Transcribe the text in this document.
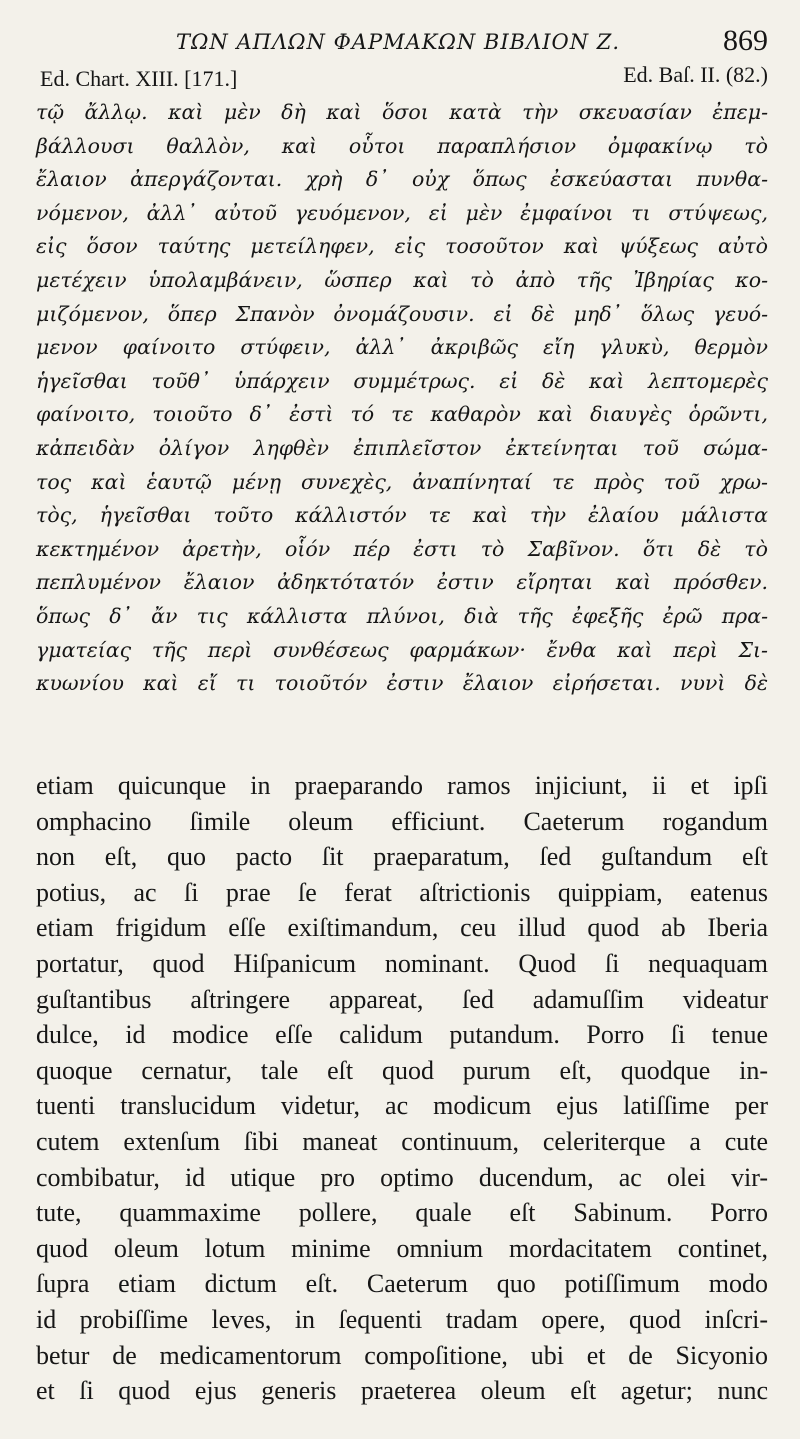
ΤΩΝ ΑΠΛΩΝ ΦΑΡΜΑΚΩΝ ΒΙΒΛΙΟΝ Ζ.	869
Ed. Chart. XIII. [171.]	Ed. Baſ. II. (82.)
τῷ ἄλλῳ. καὶ μὲν δὴ καὶ ὅσοι κατὰ τὴν σκευασίαν ἐπεμ-
βάλλουσι θαλλὸν, καὶ οὗτοι παραπλήσιον ὀμφακίνῳ τὸ
ἔλαιον ἀπεργάζονται. χρὴ δ᾽ οὐχ ὅπως ἐσκεύασται πυνθα-
νόμενον, ἀλλ᾽ αὐτοῦ γευόμενον, εἰ μὲν ἐμφαίνοι τι στύψεως,
εἰς ὅσον ταύτης μετείληφεν, εἰς τοσοῦτον καὶ ψύξεως αὐτὸ
μετέχειν ὑπολαμβάνειν, ὥσπερ καὶ τὸ ἀπὸ τῆς Ἰβηρίας κο-
μιζόμενον, ὅπερ Σπανὸν ὀνομάζουσιν. εἰ δὲ μηδ᾽ ὅλως γευό-
μενον φαίνοιτο στύφειν, ἀλλ᾽ ἀκριβῶς εἴη γλυκὺ, θερμὸν
ἡγεῖσθαι τοῦθ᾽ ὑπάρχειν συμμέτρως. εἰ δὲ καὶ λεπτομερὲς
φαίνοιτο, τοιοῦτο δ᾽ ἐστὶ τό τε καθαρὸν καὶ διαυγὲς ὁρῶντι,
κἀπειδὰν ὀλίγον ληφθὲν ἐπιπλεῖστον ἐκτείνηται τοῦ σώμα-
τος καὶ ἑαυτῷ μένῃ συνεχὲς, ἀναπίνηταί τε πρὸς τοῦ χρω-
τὸς, ἡγεῖσθαι τοῦτο κάλλιστόν τε καὶ τὴν ἐλαίου μάλιστα
κεκτημένον ἀρετὴν, οἷόν πέρ ἐστι τὸ Σαβῖνον. ὅτι δὲ τὸ
πεπλυμένον ἔλαιον ἀδηκτότατόν ἐστιν εἴρηται καὶ πρόσθεν.
ὅπως δ᾽ ἄν τις κάλλιστα πλύνοι, διὰ τῆς ἐφεξῆς ἐρῶ πρα-
γματείας τῆς περὶ συνθέσεως φαρμάκων· ἔνθα καὶ περὶ Σι-
κυωνίου καὶ εἴ τι τοιοῦτόν ἐστιν ἔλαιον εἰρήσεται. νυνὶ δὲ
etiam quicunque in praeparando ramos injiciunt, ii et ipſi
omphacino ſimile oleum efficiunt. Caeterum rogandum
non eſt, quo pacto ſit praeparatum, ſed guſtandum eſt
potius, ac ſi prae ſe ferat aſtrictionis quippiam, eatenus
etiam frigidum eſſe exiſtimandum, ceu illud quod ab Iberia
portatur, quod Hiſpanicum nominant. Quod ſi nequaquam
guſtantibus aſtringere appareat, ſed adamuſſim videatur
dulce, id modice eſſe calidum putandum. Porro ſi tenue
quoque cernatur, tale eſt quod purum eſt, quodque in-
tuenti translucidum videtur, ac modicum ejus latiſſime per
cutem extenſum ſibi maneat continuum, celeriterque a cute
combibatur, id utique pro optimo ducendum, ac olei vir-
tute, quammaxime pollere, quale eſt Sabinum. Porro
quod oleum lotum minime omnium mordacitatem continet,
ſupra etiam dictum eſt. Caeterum quo potiſſimum modo
id probiſſime leves, in ſequenti tradam opere, quod inſcri-
betur de medicamentorum compoſitione, ubi et de Sicyonio
et ſi quod ejus generis praeterea oleum eſt agetur; nunc
